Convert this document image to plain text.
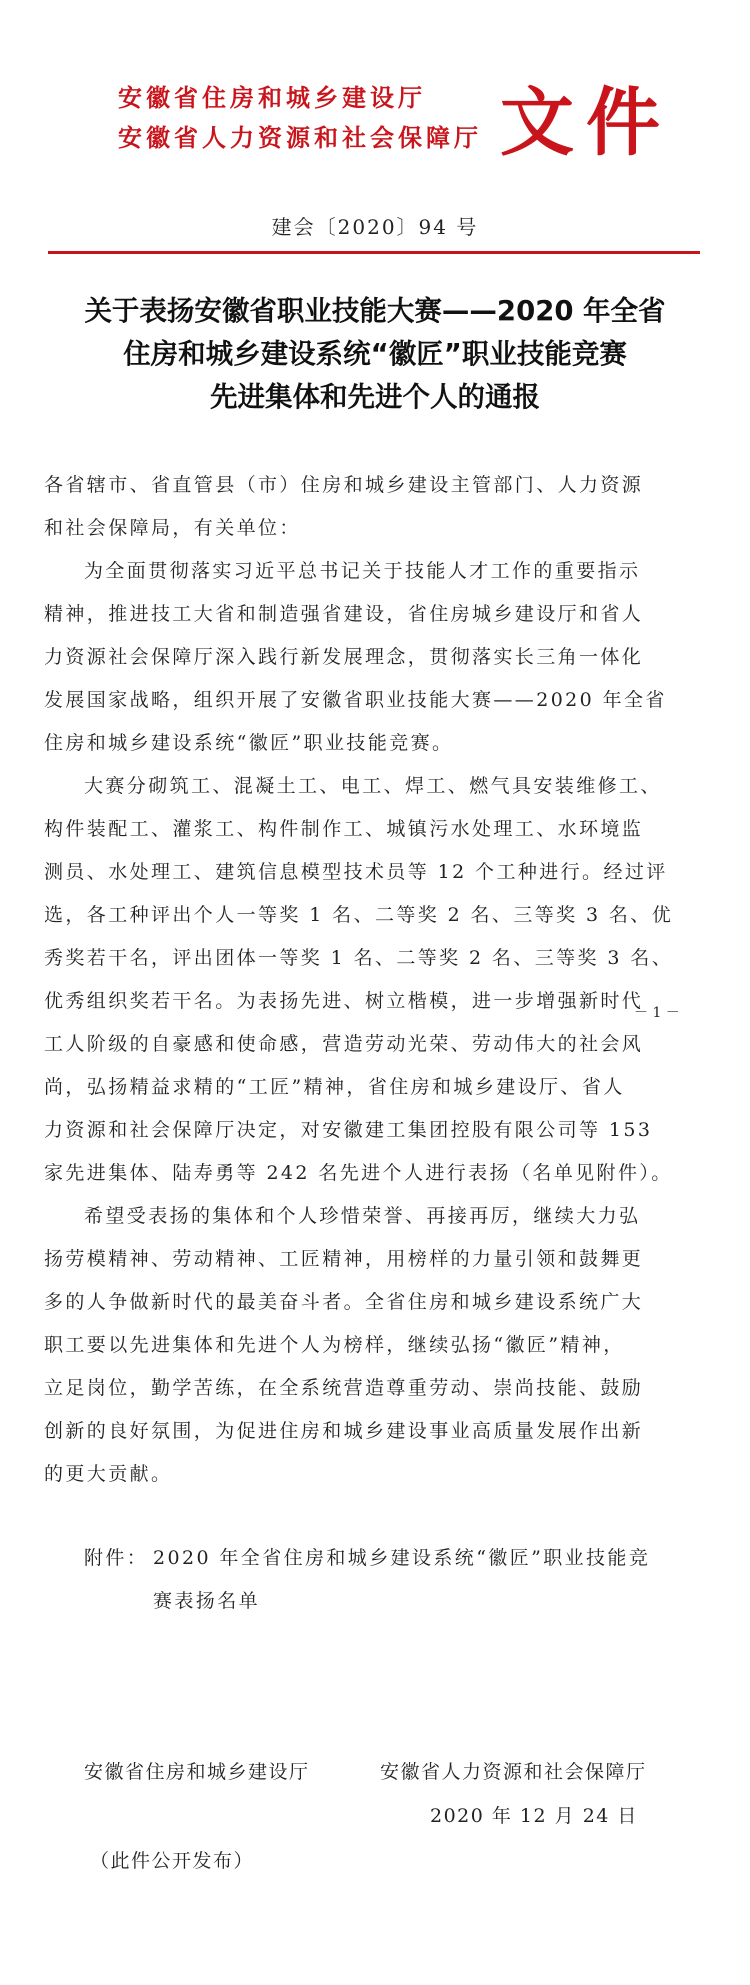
安徽省住房和城乡建设厅
安徽省人力资源和社会保障厅 文件
建会〔2020〕94 号
关于表扬安徽省职业技能大赛——2020 年全省
住房和城乡建设系统“徽匠”职业技能竞赛
先进集体和先进个人的通报
各省辖市、省直管县（市）住房和城乡建设主管部门、人力资源
和社会保障局，有关单位：
为全面贯彻落实习近平总书记关于技能人才工作的重要指示
精神，推进技工大省和制造强省建设，省住房城乡建设厅和省人
力资源社会保障厅深入践行新发展理念，贯彻落实长三角一体化
发展国家战略，组织开展了安徽省职业技能大赛——2020 年全省
住房和城乡建设系统“徽匠”职业技能竞赛。
大赛分砌筑工、混凝土工、电工、焊工、燃气具安装维修工、
构件装配工、灌浆工、构件制作工、城镇污水处理工、水环境监
测员、水处理工、建筑信息模型技术员等 12 个工种进行。经过评
选，各工种评出个人一等奖 1 名、二等奖 2 名、三等奖 3 名、优
秀奖若干名，评出团体一等奖 1 名、二等奖 2 名、三等奖 3 名、
优秀组织奖若干名。为表扬先进、树立楷模，进一步增强新时代
－ 1 －
工人阶级的自豪感和使命感，营造劳动光荣、劳动伟大的社会风
尚，弘扬精益求精的“工匠”精神，省住房和城乡建设厅、省人
力资源和社会保障厅决定，对安徽建工集团控股有限公司等 153
家先进集体、陆寿勇等 242 名先进个人进行表扬（名单见附件）。
希望受表扬的集体和个人珍惜荣誉、再接再厉，继续大力弘
扬劳模精神、劳动精神、工匠精神，用榜样的力量引领和鼓舞更
多的人争做新时代的最美奋斗者。全省住房和城乡建设系统广大
职工要以先进集体和先进个人为榜样，继续弘扬“徽匠”精神，
立足岗位，勤学苦练，在全系统营造尊重劳动、崇尚技能、鼓励
创新的良好氛围，为促进住房和城乡建设事业高质量发展作出新
的更大贡献。
附件： 2020 年全省住房和城乡建设系统“徽匠”职业技能竞
赛表扬名单
安徽省住房和城乡建设厅	安徽省人力资源和社会保障厅
2020 年 12 月 24 日
（此件公开发布）
